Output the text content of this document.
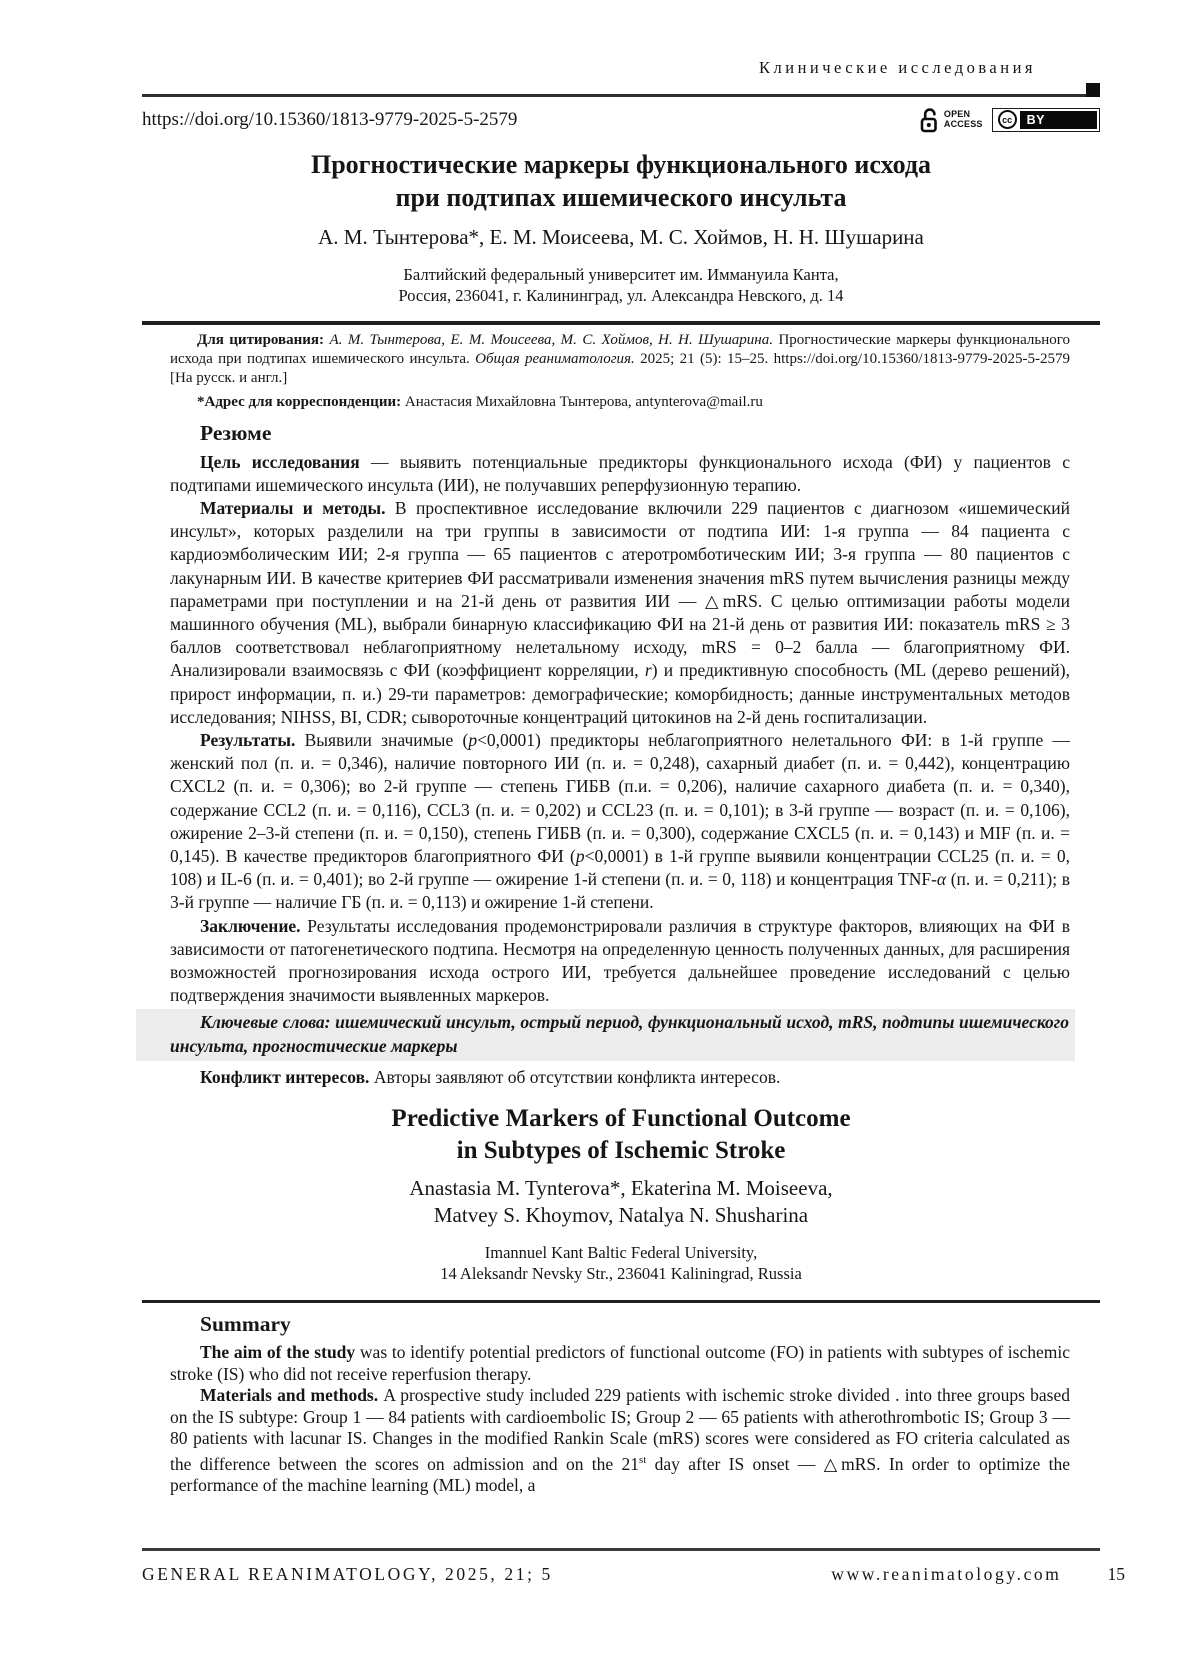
Клинические исследования
https://doi.org/10.15360/1813-9779-2025-5-2579	OPEN
ACCESS	cc	BY
Прогностические маркеры функционального исхода
при подтипах ишемического инсульта
А. М. Тынтерова*, Е. М. Моисеева, М. С. Хоймов, Н. Н. Шушарина
Балтийский федеральный университет им. Иммануила Канта,
Россия, 236041, г. Калининград, ул. Александра Невского, д. 14

Для цитирования: А. М. Тынтерова, Е. М. Моисеева, М. С. Хоймов, Н. Н. Шушарина. Прогностические маркеры функционального исхода при подтипах ишемического инсульта. Общая реаниматология. 2025; 21 (5): 15–25. https://doi.org/10.15360/1813-9779-2025-5-2579 [На русск. и англ.]

*Адрес для корреспонденции: Анастасия Михайловна Тынтерова, antynterova@mail.ru

Резюме

Цель исследования — выявить потенциальные предикторы функционального исхода (ФИ) у пациентов с подтипами ишемического инсульта (ИИ), не получавших реперфузионную терапию.

Материалы и методы. В проспективное исследование включили 229 пациентов с диагнозом «ишемический инсульт», которых разделили на три группы в зависимости от подтипа ИИ: 1-я группа — 84 пациента с кардиоэмболическим ИИ; 2-я группа — 65 пациентов с атеротромботическим ИИ; 3-я группа — 80 пациентов с лакунарным ИИ. В качестве критериев ФИ рассматривали изменения значения mRS путем вычисления разницы между параметрами при поступлении и на 21-й день от развития ИИ — △mRS. С целью оптимизации работы модели машинного обучения (ML), выбрали бинарную классификацию ФИ на 21-й день от развития ИИ: показатель mRS ≥ 3 баллов соответствовал неблагоприятному нелетальному исходу, mRS = 0–2 балла — благоприятному ФИ. Анализировали взаимосвязь с ФИ (коэффициент корреляции, r) и предиктивную способность (ML (дерево решений), прирост информации, п. и.) 29-ти параметров: демографические; коморбидность; данные инструментальных методов исследования; NIHSS, BI, CDR; сывороточные концентраций цитокинов на 2-й день госпитализации.

Результаты. Выявили значимые (p<0,0001) предикторы неблагоприятного нелетального ФИ: в 1-й группе — женский пол (п. и. = 0,346), наличие повторного ИИ (п. и. = 0,248), сахарный диабет (п. и. = 0,442), концентрацию CXCL2 (п. и. = 0,306); во 2-й группе — степень ГИБВ (п.и. = 0,206), наличие сахарного диабета (п. и. = 0,340), содержание CCL2 (п. и. = 0,116), CCL3 (п. и. = 0,202) и CCL23 (п. и. = 0,101); в 3-й группе — возраст (п. и. = 0,106), ожирение 2–3-й степени (п. и. = 0,150), степень ГИБВ (п. и. = 0,300), содержание CXCL5 (п. и. = 0,143) и MIF (п. и. = 0,145). В качестве предикторов благоприятного ФИ (p<0,0001) в 1-й группе выявили концентрации CCL25 (п. и. = 0, 108) и IL-6 (п. и. = 0,401); во 2-й группе — ожирение 1-й степени (п. и. = 0, 118) и концентрация TNF-α (п. и. = 0,211); в 3-й группе — наличие ГБ (п. и. = 0,113) и ожирение 1-й степени.

Заключение. Результаты исследования продемонстрировали различия в структуре факторов, влияющих на ФИ в зависимости от патогенетического подтипа. Несмотря на определенную ценность полученных данных, для расширения возможностей прогнозирования исхода острого ИИ, требуется дальнейшее проведение исследований с целью подтверждения значимости выявленных маркеров.

Ключевые слова: ишемический инсульт, острый период, функциональный исход, mRS, подтипы ишемического инсульта, прогностические маркеры

Конфликт интересов. Авторы заявляют об отсутствии конфликта интересов.

Predictive Markers of Functional Outcome
in Subtypes of Ischemic Stroke
Anastasia M. Tynterova*, Ekaterina M. Moiseeva,
Matvey S. Khoymov, Natalya N. Shusharina
Imannuel Kant Baltic Federal University,
14 Aleksandr Nevsky Str., 236041 Kaliningrad, Russia
Summary

The aim of the study was to identify potential predictors of functional outcome (FO) in patients with subtypes of ischemic stroke (IS) who did not receive reperfusion therapy.

Materials and methods. A prospective study included 229 patients with ischemic stroke divided . into three groups based on the IS subtype: Group 1 — 84 patients with cardioembolic IS; Group 2 — 65 patients with atherothrombotic IS; Group 3 — 80 patients with lacunar IS. Changes in the modified Rankin Scale (mRS) scores were considered as FO criteria calculated as the difference between the scores on admission and on the 21st day after IS onset — △mRS. In order to optimize the performance of the machine learning (ML) model, a

GENERAL REANIMATOLOGY, 2025, 21; 5	www.reanimatology.com	15
